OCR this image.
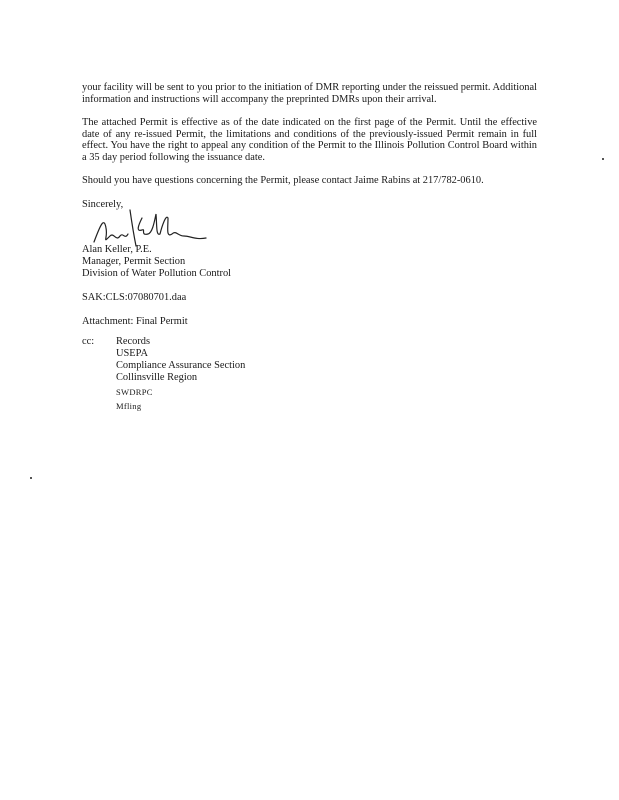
your facility will be sent to you prior to the initiation of DMR reporting under the reissued permit. Additional information and instructions will accompany the preprinted DMRs upon their arrival.

The attached Permit is effective as of the date indicated on the first page of the Permit. Until the effective date of any re-issued Permit, the limitations and conditions of the previously-issued Permit remain in full effect. You have the right to appeal any condition of the Permit to the Illinois Pollution Control Board within a 35 day period following the issuance date.

Should you have questions concerning the Permit, please contact Jaime Rabins at 217/782-0610.

Sincerely,

Alan Keller, P.E.

Manager, Permit Section

Division of Water Pollution Control

SAK:CLS:07080701.daa

Attachment: Final Permit

cc: Records
USEPA
Compliance Assurance Section
Collinsville Region
SWDRPC
Mfling
